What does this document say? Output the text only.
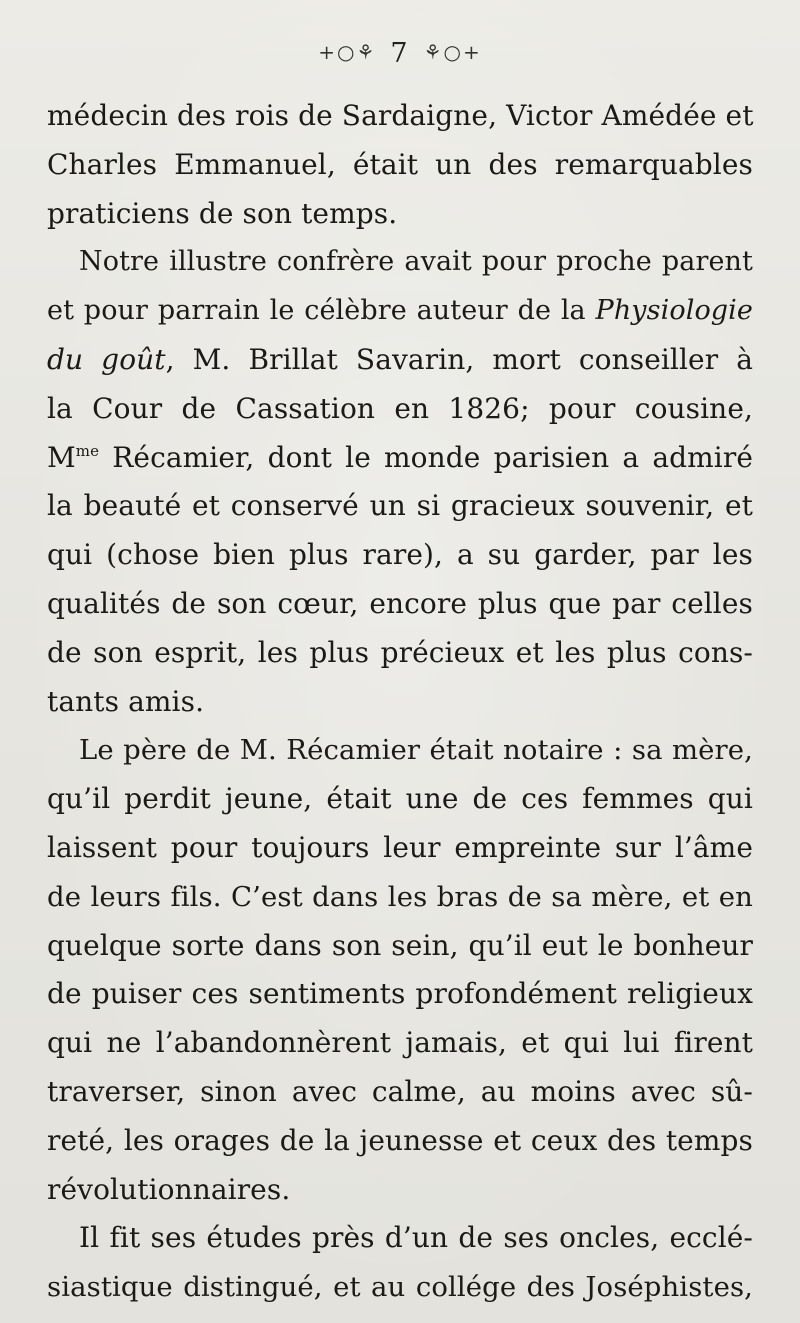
+○⚘ 7 ⚘○+
médecin des rois de Sardaigne, Victor Amédée et
Charles Emmanuel, était un des remarquables
praticiens de son temps.
Notre illustre confrère avait pour proche parent
et pour parrain le célèbre auteur de la Physiologie
du goût, M. Brillat Savarin, mort conseiller à
la Cour de Cassation en 1826; pour cousine,
$M^{me}$ Récamier, dont le monde parisien a admiré
la beauté et conservé un si gracieux souvenir, et
qui (chose bien plus rare), a su garder, par les
qualités de son cœur, encore plus que par celles
de son esprit, les plus précieux et les plus cons-
tants amis.
Le père de M. Récamier était notaire : sa mère,
qu’il perdit jeune, était une de ces femmes qui
laissent pour toujours leur empreinte sur l’âme
de leurs fils. C’est dans les bras de sa mère, et en
quelque sorte dans son sein, qu’il eut le bonheur
de puiser ces sentiments profondément religieux
qui ne l’abandonnèrent jamais, et qui lui firent
traverser, sinon avec calme, au moins avec sû-
reté, les orages de la jeunesse et ceux des temps
révolutionnaires.
Il fit ses études près d’un de ses oncles, ecclé-
siastique distingué, et au collége des Joséphistes,
